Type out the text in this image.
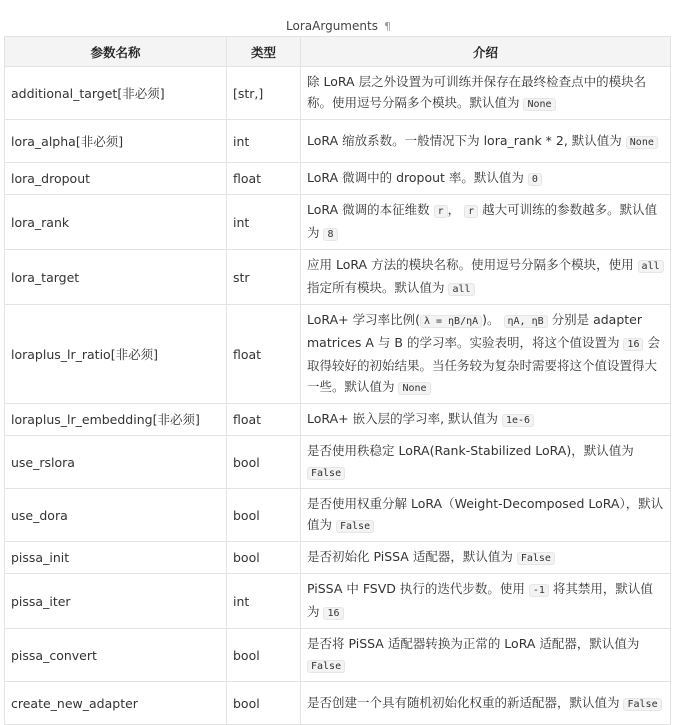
LoraArguments ¶
参数名称	类型	介绍
additional_target[非必须]	[str,]	除 LoRA 层之外设置为可训练并保存在最终检查点中的模块名称。使用逗号分隔多个模块。默认值为 None
lora_alpha[非必须]	int	LoRA 缩放系数。一般情况下为 lora_rank * 2, 默认值为 None
lora_dropout	float	LoRA 微调中的 dropout 率。默认值为 0
lora_rank	int	LoRA 微调的本征维数 r ， r 越大可训练的参数越多。默认值为 8
lora_target	str	应用 LoRA 方法的模块名称。使用逗号分隔多个模块，使用 all 指定所有模块。默认值为 all
loraplus_lr_ratio[非必须]	float	LoRA+ 学习率比例( λ = ηB/ηA )。 ηA, ηB 分别是 adapter matrices A 与 B 的学习率。实验表明，将这个值设置为 16 会取得较好的初始结果。当任务较为复杂时需要将这个值设置得大一些。默认值为 None
loraplus_lr_embedding[非必须]	float	LoRA+ 嵌入层的学习率, 默认值为 1e-6
use_rslora	bool	是否使用秩稳定 LoRA(Rank-Stabilized LoRA)，默认值为 False
use_dora	bool	是否使用权重分解 LoRA（Weight-Decomposed LoRA），默认值为 False
pissa_init	bool	是否初始化 PiSSA 适配器，默认值为 False
pissa_iter	int	PiSSA 中 FSVD 执行的迭代步数。使用 -1 将其禁用，默认值为 16
pissa_convert	bool	是否将 PiSSA 适配器转换为正常的 LoRA 适配器，默认值为 False
create_new_adapter	bool	是否创建一个具有随机初始化权重的新适配器，默认值为 False
